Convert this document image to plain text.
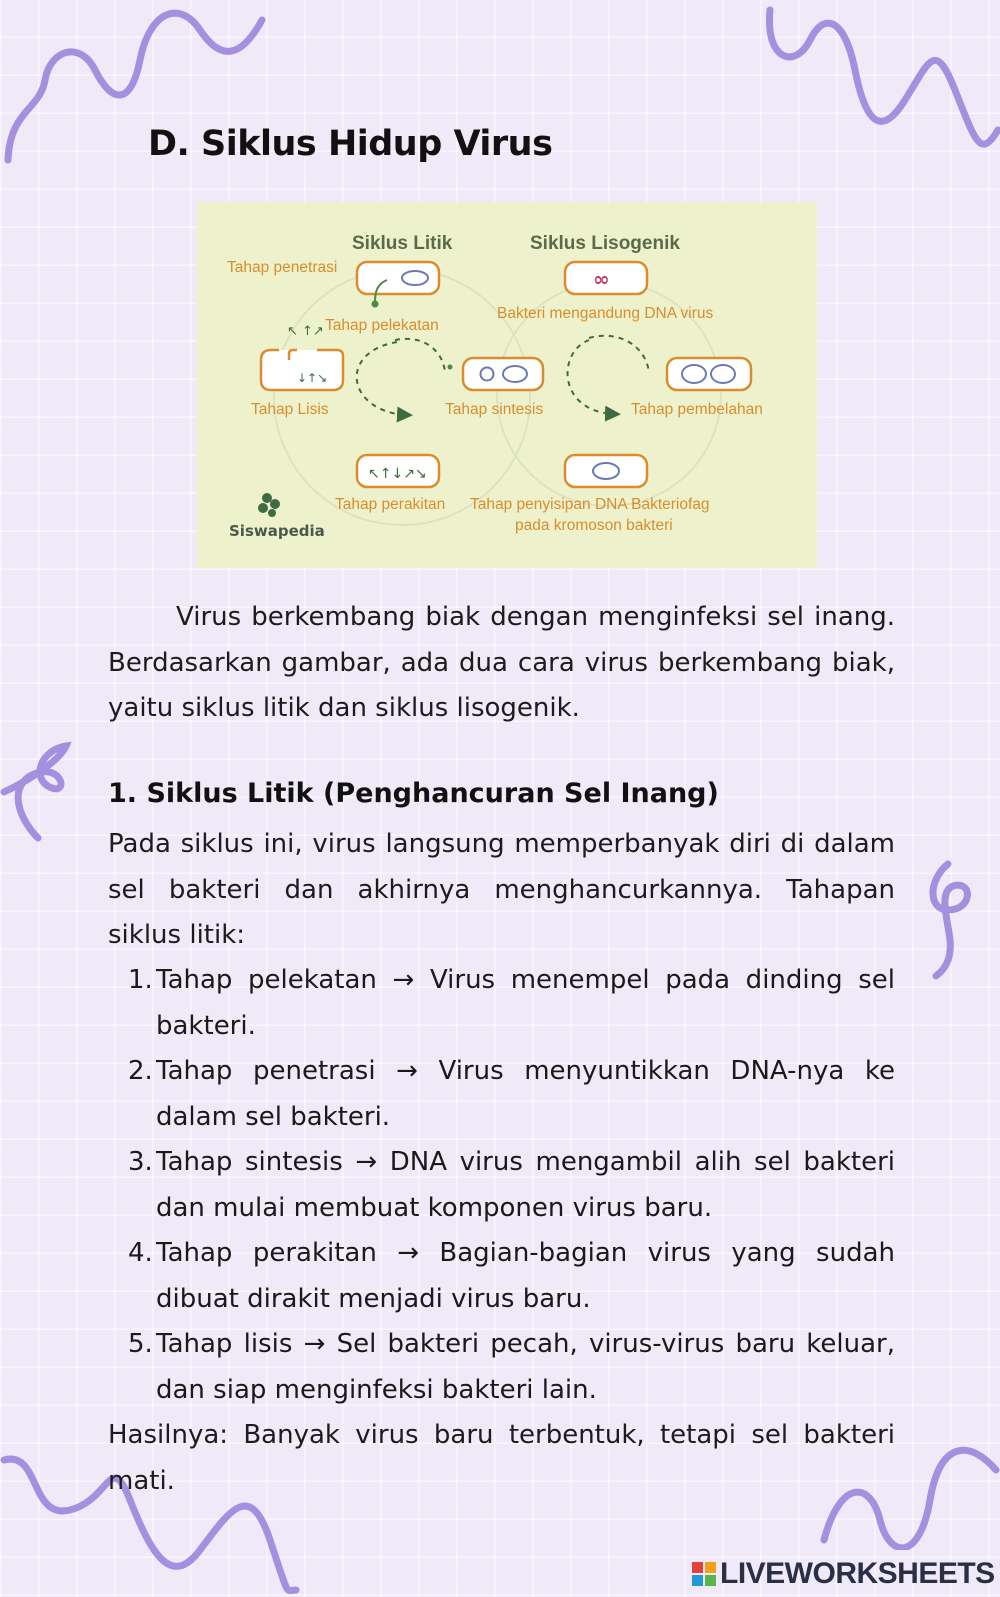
D. Siklus Hidup Virus
Siklus Litik	Siklus Lisogenik
↖↑↓↗↘
↓↑↘
↖ ↑↗
∞
Tahap penetrasi
Tahap pelekatan
Tahap Lisis	Tahap sintesis
Tahap perakitan
Bakteri mengandung DNA virus
Tahap pembelahan
Tahap penyisipan DNA Bakteriofag
pada kromoson bakteri
Siswapedia
Virus berkembang biak dengan menginfeksi sel inang. Berdasarkan gambar, ada dua cara virus berkembang biak, yaitu siklus litik dan siklus lisogenik.
1. Siklus Litik (Penghancuran Sel Inang)
Pada siklus ini, virus langsung memperbanyak diri di dalam sel bakteri dan akhirnya menghancurkannya. Tahapan siklus litik:
1. Tahap pelekatan → Virus menempel pada dinding sel bakteri.
2. Tahap penetrasi → Virus menyuntikkan DNA-nya ke dalam sel bakteri.
3. Tahap sintesis → DNA virus mengambil alih sel bakteri dan mulai membuat komponen virus baru.
4. Tahap perakitan → Bagian-bagian virus yang sudah dibuat dirakit menjadi virus baru.
5. Tahap lisis → Sel bakteri pecah, virus-virus baru keluar, dan siap menginfeksi bakteri lain.
Hasilnya: Banyak virus baru terbentuk, tetapi sel bakteri mati.
LIVEWORKSHEETS
